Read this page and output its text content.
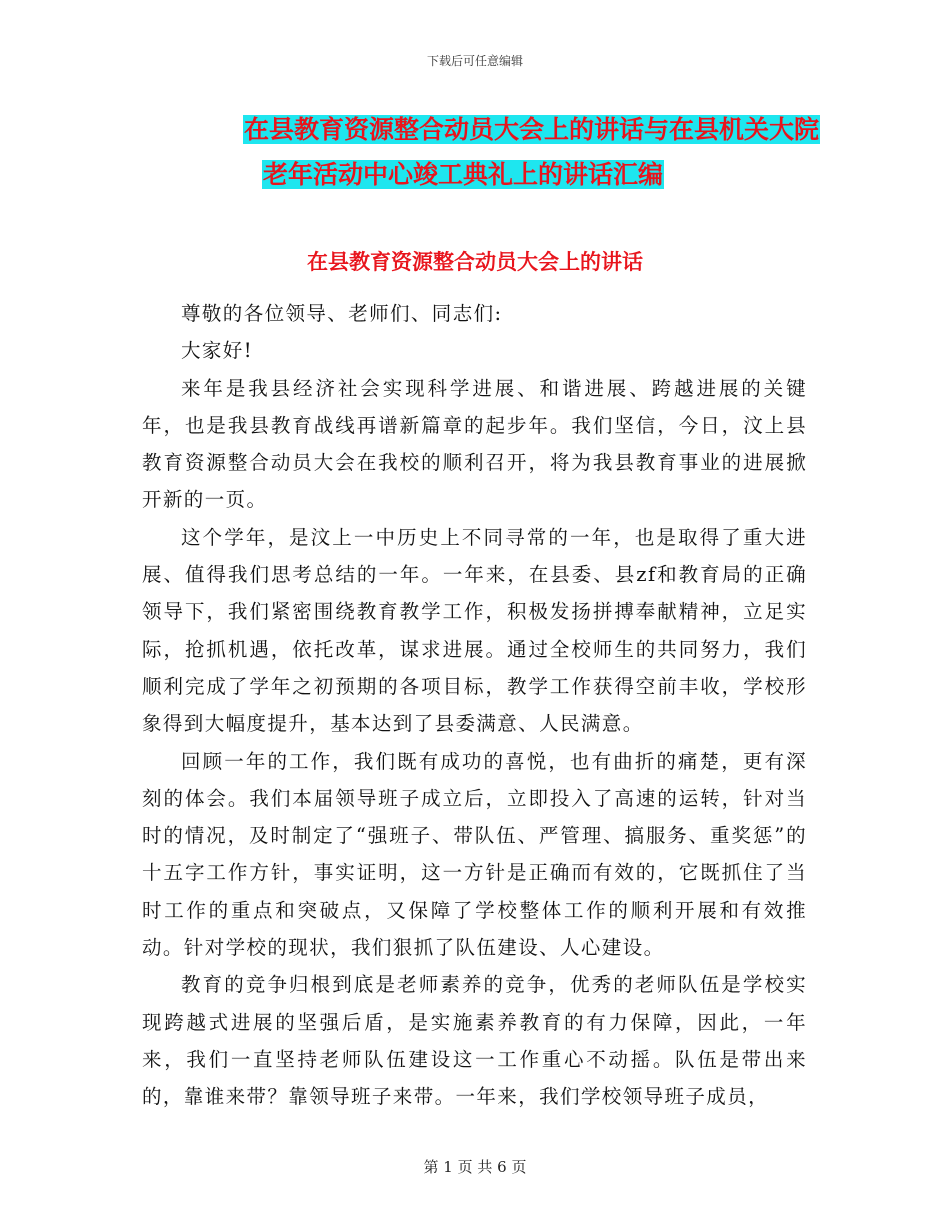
下载后可任意编辑
在县教育资源整合动员大会上的讲话与在县机关大院
老年活动中心竣工典礼上的讲话汇编
在县教育资源整合动员大会上的讲话

尊敬的各位领导、老师们、同志们:

大家好!

来年是我县经济社会实现科学进展、和谐进展、跨越进展的关键年，也是我县教育战线再谱新篇章的起步年。我们坚信，今日，汶上县教育资源整合动员大会在我校的顺利召开，将为我县教育事业的进展掀开新的一页。

这个学年，是汶上一中历史上不同寻常的一年，也是取得了重大进展、值得我们思考总结的一年。一年来，在县委、县zf和教育局的正确领导下，我们紧密围绕教育教学工作，积极发扬拼搏奉献精神，立足实际，抢抓机遇，依托改革，谋求进展。通过全校师生的共同努力，我们顺利完成了学年之初预期的各项目标，教学工作获得空前丰收，学校形象得到大幅度提升，基本达到了县委满意、人民满意。

回顾一年的工作，我们既有成功的喜悦，也有曲折的痛楚，更有深刻的体会。我们本届领导班子成立后，立即投入了高速的运转，针对当时的情况，及时制定了“强班子、带队伍、严管理、搞服务、重奖惩”的十五字工作方针，事实证明，这一方针是正确而有效的，它既抓住了当时工作的重点和突破点，又保障了学校整体工作的顺利开展和有效推动。针对学校的现状，我们狠抓了队伍建设、人心建设。

教育的竞争归根到底是老师素养的竞争，优秀的老师队伍是学校实现跨越式进展的坚强后盾，是实施素养教育的有力保障，因此，一年来，我们一直坚持老师队伍建设这一工作重心不动摇。队伍是带出来的，靠谁来带？靠领导班子来带。一年来，我们学校领导班子成员，

第 1 页 共 6 页
